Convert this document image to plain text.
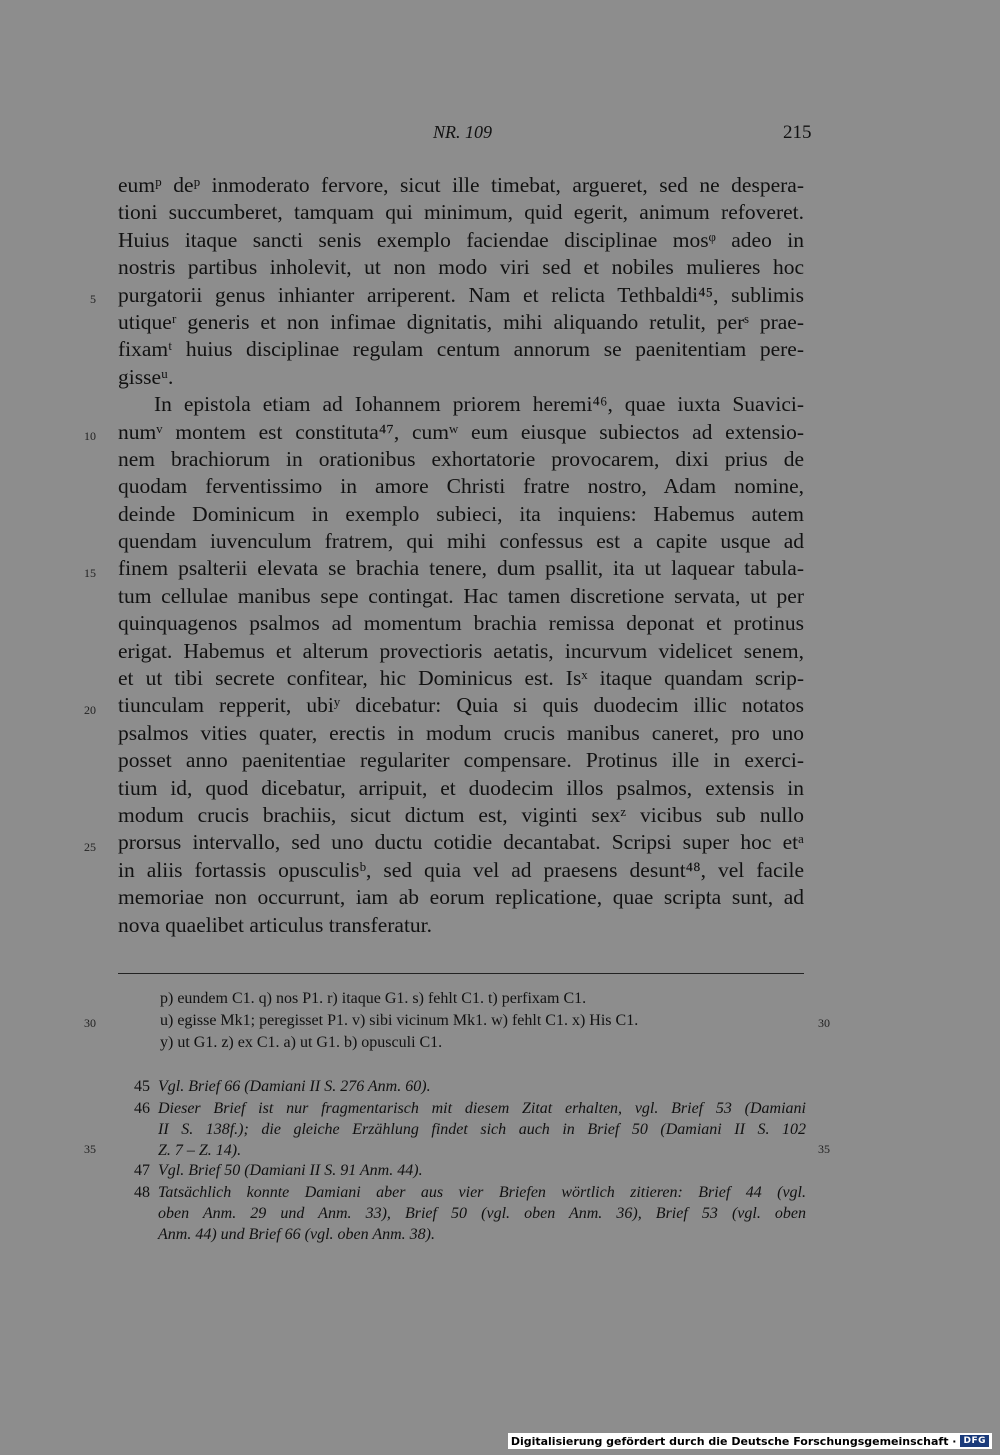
NR. 109	215
eumᵖ deᵖ inmoderato fervore, sicut ille timebat, argueret, sed ne despera-
tioni succumberet, tamquam qui minimum, quid egerit, animum refoveret.
Huius itaque sancti senis exemplo faciendae disciplinae mosᵠ adeo in
nostris partibus inholevit, ut non modo viri sed et nobiles mulieres hoc
purgatorii genus inhianter arriperent. Nam et relicta Tethbaldi⁴⁵, sublimis
utiqueʳ generis et non infimae dignitatis, mihi aliquando retulit, perˢ prae-
fixamᵗ huius disciplinae regulam centum annorum se paenitentiam pere-
gisseᵘ.
In epistola etiam ad Iohannem priorem heremi⁴⁶, quae iuxta Suavici-
numᵛ montem est constituta⁴⁷, cumʷ eum eiusque subiectos ad extensio-
nem brachiorum in orationibus exhortatorie provocarem, dixi prius de
quodam ferventissimo in amore Christi fratre nostro, Adam nomine,
deinde Dominicum in exemplo subieci, ita inquiens: Habemus autem
quendam iuvenculum fratrem, qui mihi confessus est a capite usque ad
finem psalterii elevata se brachia tenere, dum psallit, ita ut laquear tabula-
tum cellulae manibus sepe contingat. Hac tamen discretione servata, ut per
quinquagenos psalmos ad momentum brachia remissa deponat et protinus
erigat. Habemus et alterum provectioris aetatis, incurvum videlicet senem,
et ut tibi secrete confitear, hic Dominicus est. Isˣ itaque quandam scrip-
tiunculam repperit, ubiʸ dicebatur: Quia si quis duodecim illic notatos
psalmos vities quater, erectis in modum crucis manibus caneret, pro uno
posset anno paenitentiae regulariter compensare. Protinus ille in exerci-
tium id, quod dicebatur, arripuit, et duodecim illos psalmos, extensis in
modum crucis brachiis, sicut dictum est, viginti sexᶻ vicibus sub nullo
prorsus intervallo, sed uno ductu cotidie decantabat. Scripsi super hoc etᵃ
in aliis fortassis opusculisᵇ, sed quia vel ad praesens desunt⁴⁸, vel facile
memoriae non occurrunt, iam ab eorum replicatione, quae scripta sunt, ad
nova quaelibet articulus transferatur.
5
10
15
20
25
p) eundem C1. q) nos P1. r) itaque G1. s) fehlt C1. t) perfixam C1.
u) egisse Mk1; peregisset P1. v) sibi vicinum Mk1. w) fehlt C1. x) His C1.
y) ut G1. z) ex C1. a) ut G1. b) opusculi C1.
30	30
45 Vgl. Brief 66 (Damiani II S. 276 Anm. 60).
46 Dieser Brief ist nur fragmentarisch mit diesem Zitat erhalten, vgl. Brief 53 (Damiani
II S. 138f.); die gleiche Erzählung findet sich auch in Brief 50 (Damiani II S. 102
Z. 7 – Z. 14).
47 Vgl. Brief 50 (Damiani II S. 91 Anm. 44).
48 Tatsächlich konnte Damiani aber aus vier Briefen wörtlich zitieren: Brief 44 (vgl.
oben Anm. 29 und Anm. 33), Brief 50 (vgl. oben Anm. 36), Brief 53 (vgl. oben
Anm. 44) und Brief 66 (vgl. oben Anm. 38).
35	35
Digitalisierung gefördert durch die Deutsche Forschungsgemeinschaft · DFG
